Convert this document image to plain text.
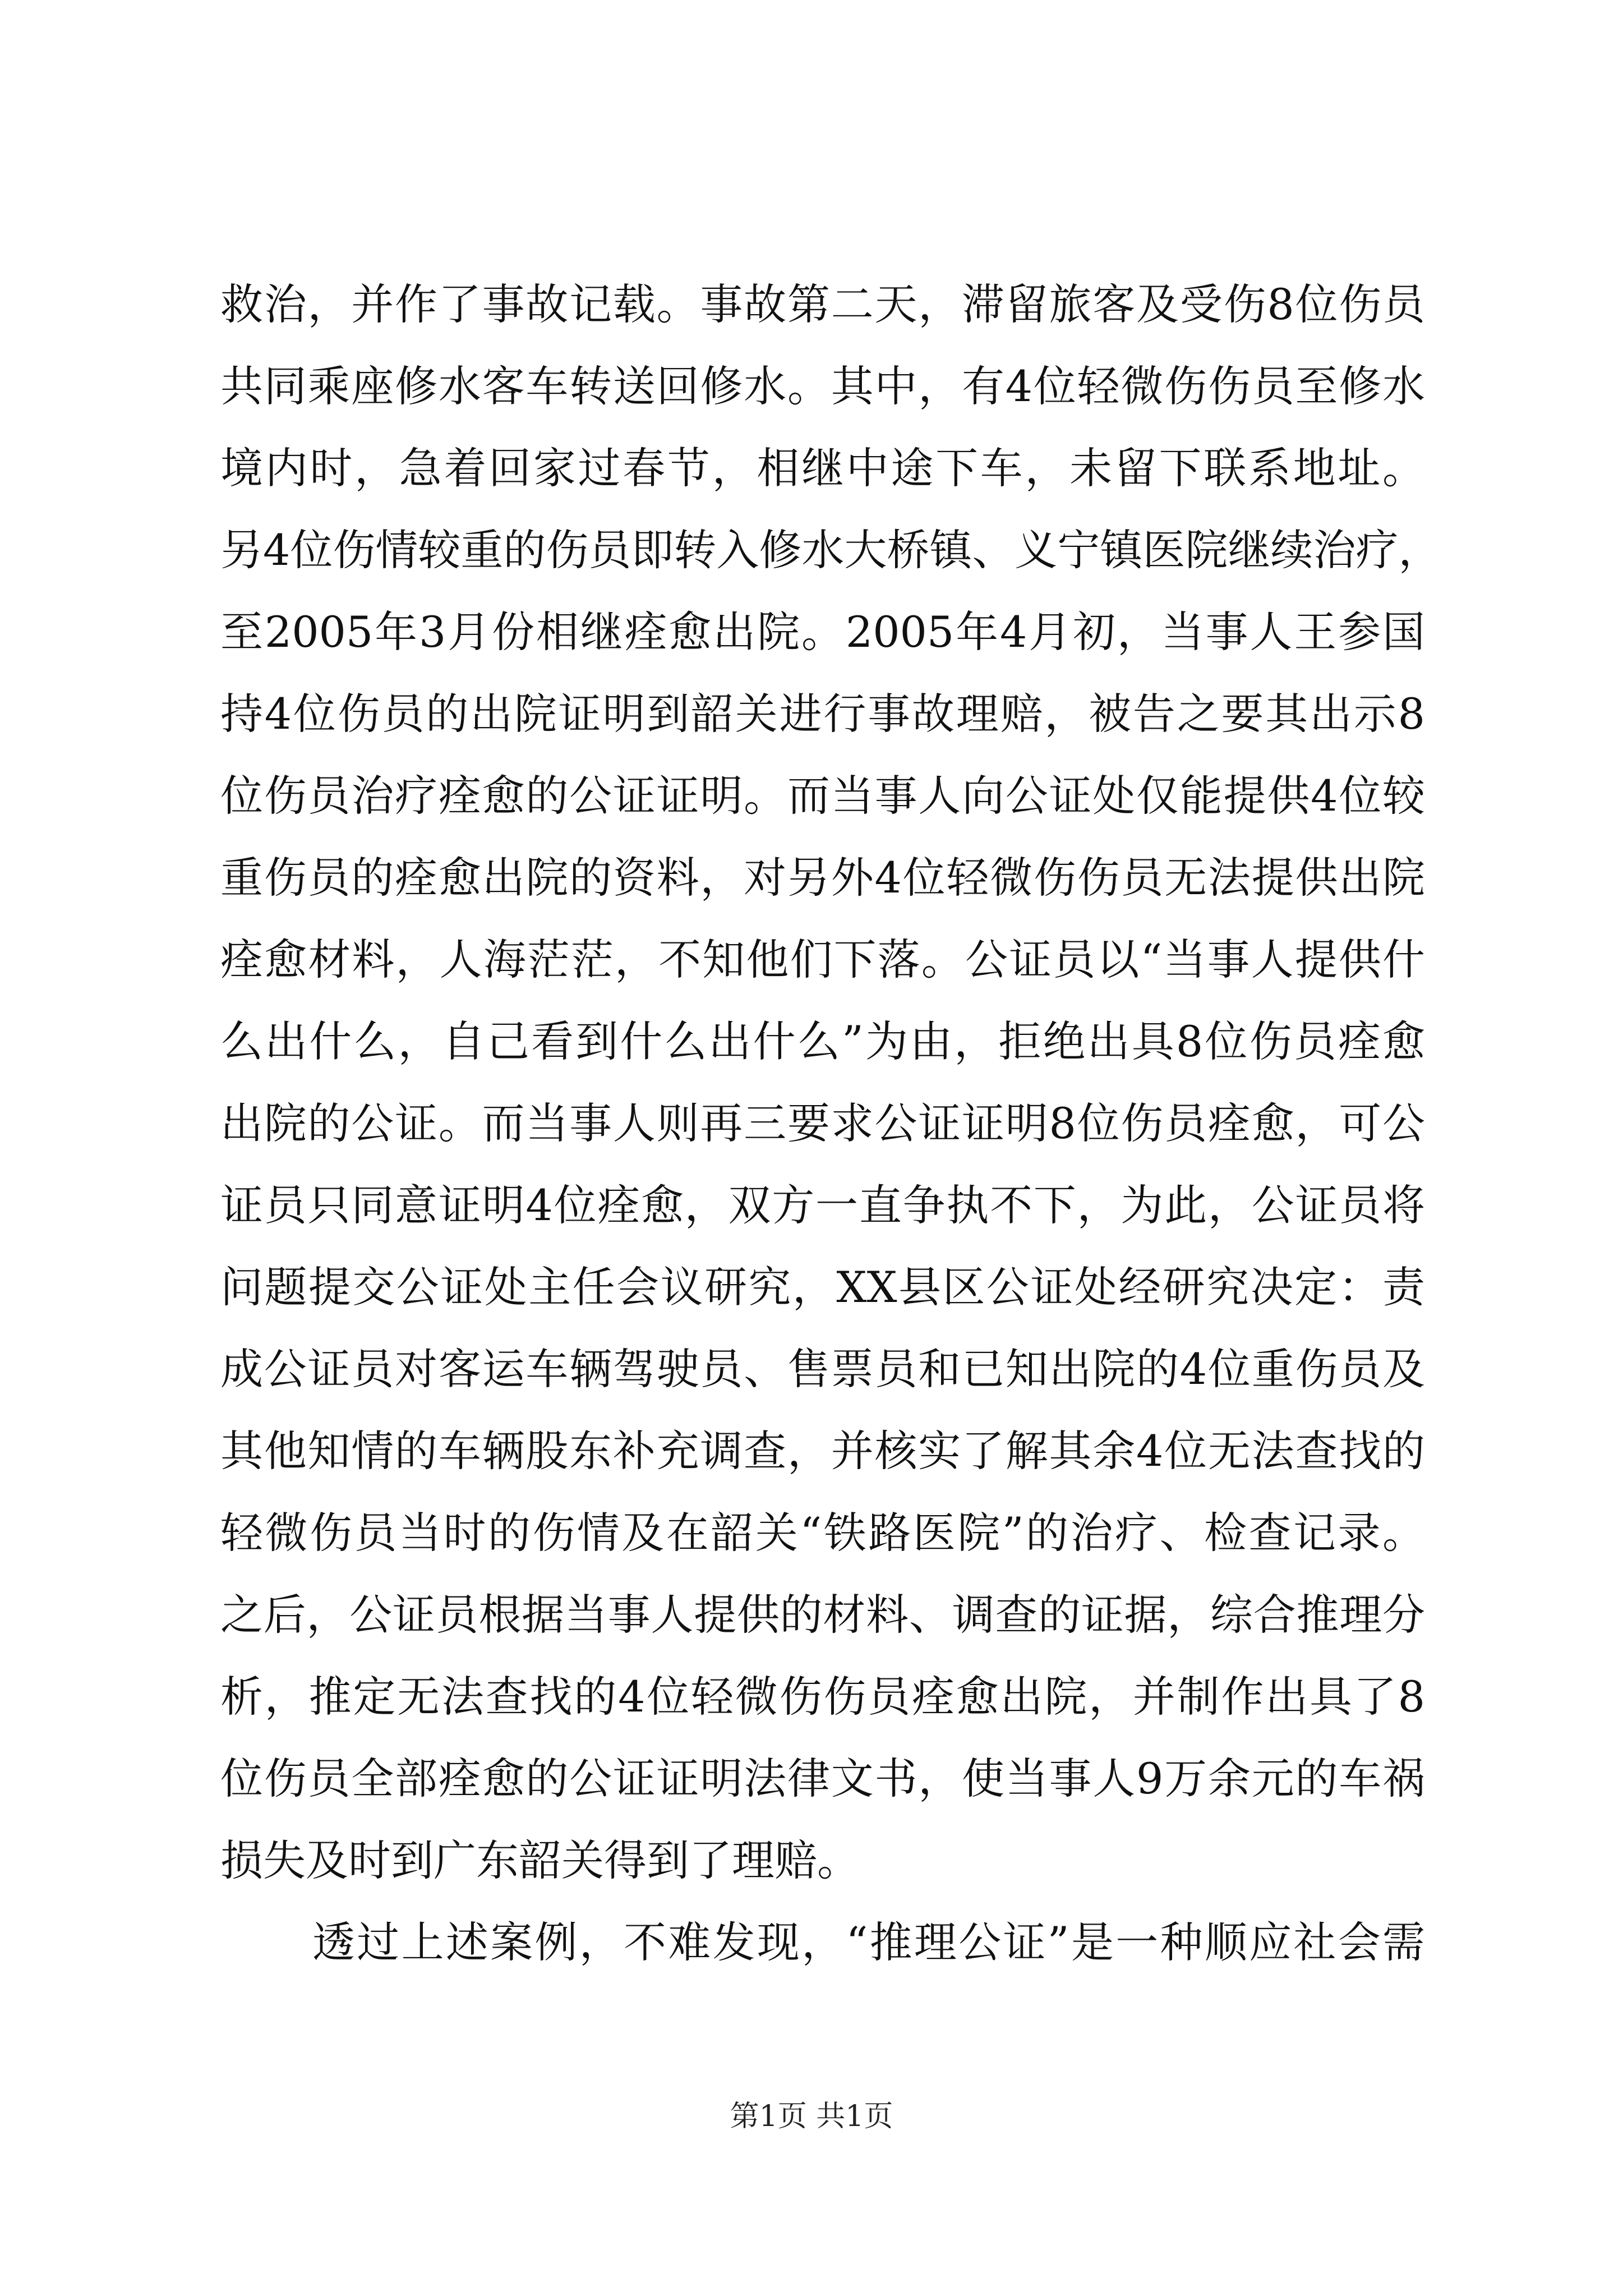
救治，并作了事故记载。事故第二天，滞留旅客及受伤8位伤员
共同乘座修水客车转送回修水。其中，有4位轻微伤伤员至修水
境内时，急着回家过春节，相继中途下车，未留下联系地址。
另4位伤情较重的伤员即转入修水大桥镇、义宁镇医院继续治疗，
至2005年3月份相继痊愈出院。2005年4月初，当事人王参国
持4位伤员的出院证明到韶关进行事故理赔，被告之要其出示8
位伤员治疗痊愈的公证证明。而当事人向公证处仅能提供4位较
重伤员的痊愈出院的资料，对另外4位轻微伤伤员无法提供出院
痊愈材料，人海茫茫，不知他们下落。公证员以“当事人提供什
么出什么，自己看到什么出什么”为由，拒绝出具8位伤员痊愈
出院的公证。而当事人则再三要求公证证明8位伤员痊愈，可公
证员只同意证明4位痊愈，双方一直争执不下，为此，公证员将
问题提交公证处主任会议研究，XX县区公证处经研究决定：责
成公证员对客运车辆驾驶员、售票员和已知出院的4位重伤员及
其他知情的车辆股东补充调查，并核实了解其余4位无法查找的
轻微伤员当时的伤情及在韶关“铁路医院”的治疗、检查记录。
之后，公证员根据当事人提供的材料、调查的证据，综合推理分
析，推定无法查找的4位轻微伤伤员痊愈出院，并制作出具了8
位伤员全部痊愈的公证证明法律文书，使当事人9万余元的车祸
损失及时到广东韶关得到了理赔。
透过上述案例，不难发现，“推理公证”是一种顺应社会需
第1页 共1页
